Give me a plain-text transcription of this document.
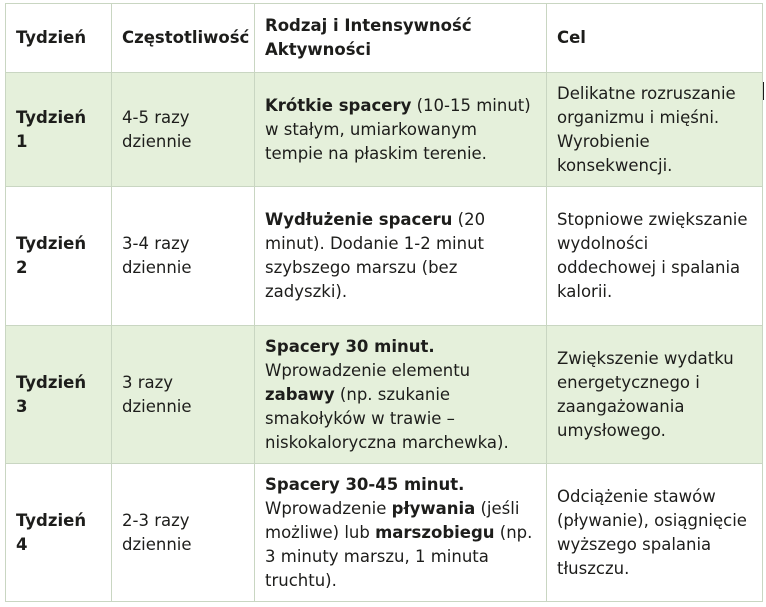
Tydzień	Częstotliwość	Rodzaj i Intensywność Aktywności	Cel
Tydzień 1	4-5 razy dziennie	Krótkie spacery (10-15 minut) w stałym, umiarkowanym tempie na płaskim terenie.	Delikatne rozruszanie organizmu i mięśni. Wyrobienie konsekwencji.
Tydzień 2	3-4 razy dziennie	Wydłużenie spaceru (20 minut). Dodanie 1-2 minut szybszego marszu (bez zadyszki).	Stopniowe zwiększanie wydolności oddechowej i spalania kalorii.
Tydzień 3	3 razy dziennie	Spacery 30 minut. Wprowadzenie elementu zabawy (np. szukanie smakołyków w trawie – niskokaloryczna marchewka).	Zwiększenie wydatku energetycznego i zaangażowania umysłowego.
Tydzień 4	2-3 razy dziennie	Spacery 30-45 minut. Wprowadzenie pływania (jeśli możliwe) lub marszobiegu (np. 3 minuty marszu, 1 minuta truchtu).	Odciążenie stawów (pływanie), osiągnięcie wyższego spalania tłuszczu.
